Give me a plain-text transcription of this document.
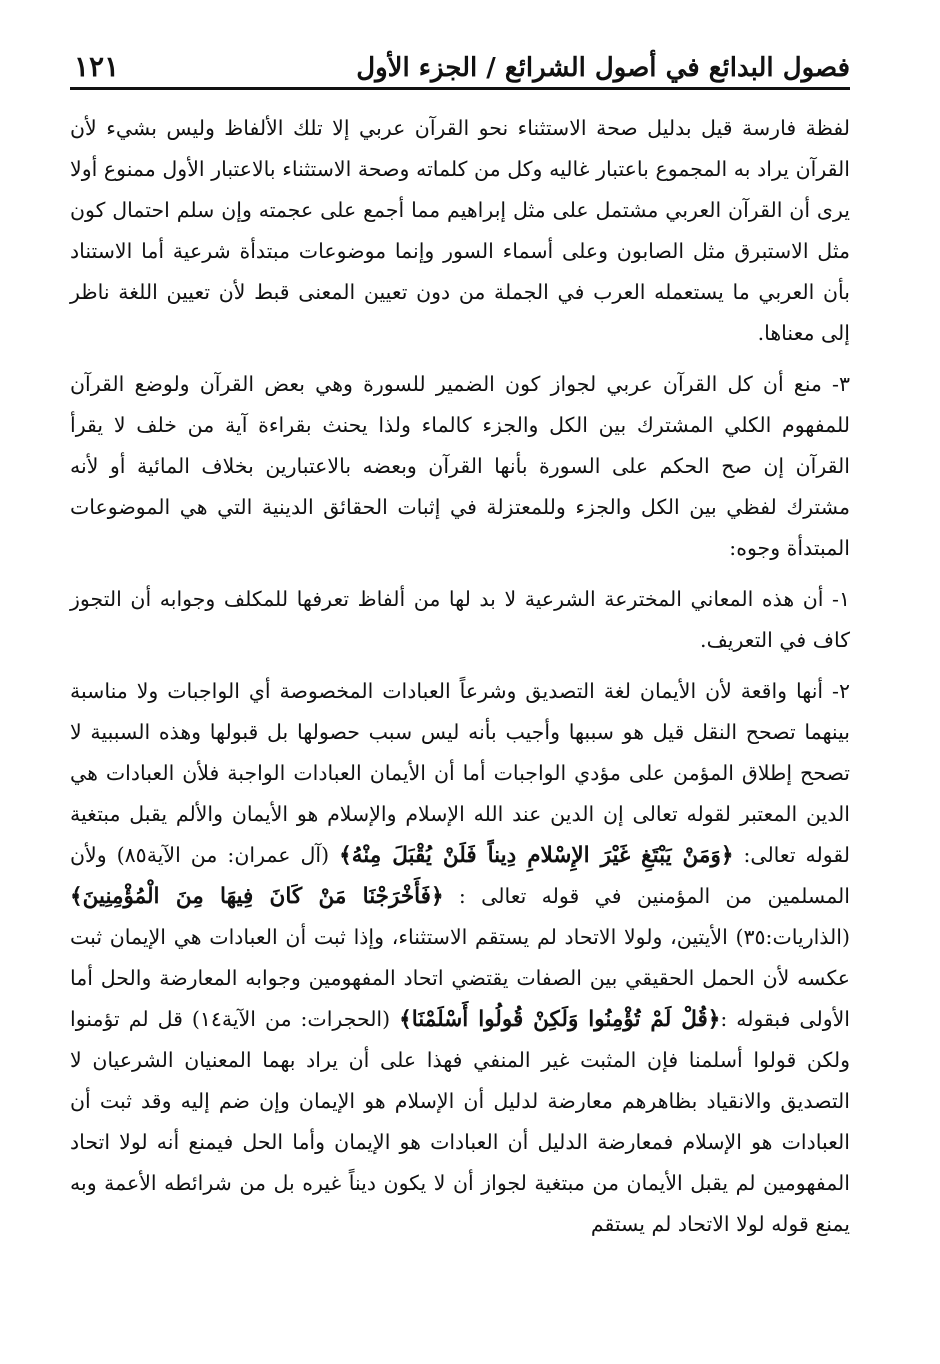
فصول البدائع في أصول الشرائع / الجزء الأول
١٢١

لفظة فارسة قيل بدليل صحة الاستثناء نحو القرآن عربي إلا تلك الألفاظ وليس بشيء لأن القرآن يراد به المجموع باعتبار غاليه وكل من كلماته وصحة الاستثناء بالاعتبار الأول ممنوع أولا يرى أن القرآن العربي مشتمل على مثل إبراهيم مما أجمع على عجمته وإن سلم احتمال كون مثل الاستبرق مثل الصابون وعلى أسماء السور وإنما موضوعات مبتدأة شرعية أما الاستناد بأن العربي ما يستعمله العرب في الجملة من دون تعيين المعنى قبط لأن تعيين اللغة ناظر إلى معناها.

٣- منع أن كل القرآن عربي لجواز كون الضمير للسورة وهي بعض القرآن ولوضع القرآن للمفهوم الكلي المشترك بين الكل والجزء كالماء ولذا يحنث بقراءة آية من خلف لا يقرأ القرآن إن صح الحكم على السورة بأنها القرآن وبعضه بالاعتبارين بخلاف المائية أو لأنه مشترك لفظي بين الكل والجزء وللمعتزلة في إثبات الحقائق الدينية التي هي الموضوعات المبتدأة وجوه:

١- أن هذه المعاني المخترعة الشرعية لا بد لها من ألفاظ تعرفها للمكلف وجوابه أن التجوز كاف في التعريف.

٢- أنها واقعة لأن الأيمان لغة التصديق وشرعاً العبادات المخصوصة أي الواجبات ولا مناسبة بينهما تصحح النقل قيل هو سببها وأجيب بأنه ليس سبب حصولها بل قبولها وهذه السببية لا تصحح إطلاق المؤمن على مؤدي الواجبات أما أن الأيمان العبادات الواجبة فلأن العبادات هي الدين المعتبر لقوله تعالى إن الدين عند الله الإسلام والإسلام هو الأيمان والألم يقبل مبتغية لقوله تعالى: ﴿وَمَنْ يَبْتَغِ غَيْرَ الإِسْلامِ دِيناً فَلَنْ يُقْبَلَ مِنْهُ﴾ (آل عمران: من الآية٨٥) ولأن المسلمين من المؤمنين في قوله تعالى : ﴿فَأَخْرَجْنَا مَنْ كَانَ فِيهَا مِنَ الْمُؤْمِنِينَ﴾(الذاريات:٣٥) الأيتين، ولولا الاتحاد لم يستقم الاستثناء، وإذا ثبت أن العبادات هي الإيمان ثبت عكسه لأن الحمل الحقيقي بين الصفات يقتضي اتحاد المفهومين وجوابه المعارضة والحل أما الأولى فبقوله :﴿قُلْ لَمْ تُؤْمِنُوا وَلَكِنْ قُولُوا أَسْلَمْنَا﴾ (الحجرات: من الآية١٤) قل لم تؤمنوا ولكن قولوا أسلمنا فإن المثبت غير المنفي فهذا على أن يراد بهما المعنيان الشرعيان لا التصديق والانقياد بظاهرهم معارضة لدليل أن الإسلام هو الإيمان وإن ضم إليه وقد ثبت أن العبادات هو الإسلام فمعارضة الدليل أن العبادات هو الإيمان وأما الحل فيمنع أنه لولا اتحاد المفهومين لم يقبل الأيمان من مبتغية لجواز أن لا يكون ديناً غيره بل من شرائطه الأعمة وبه يمنع قوله لولا الاتحاد لم يستقم
